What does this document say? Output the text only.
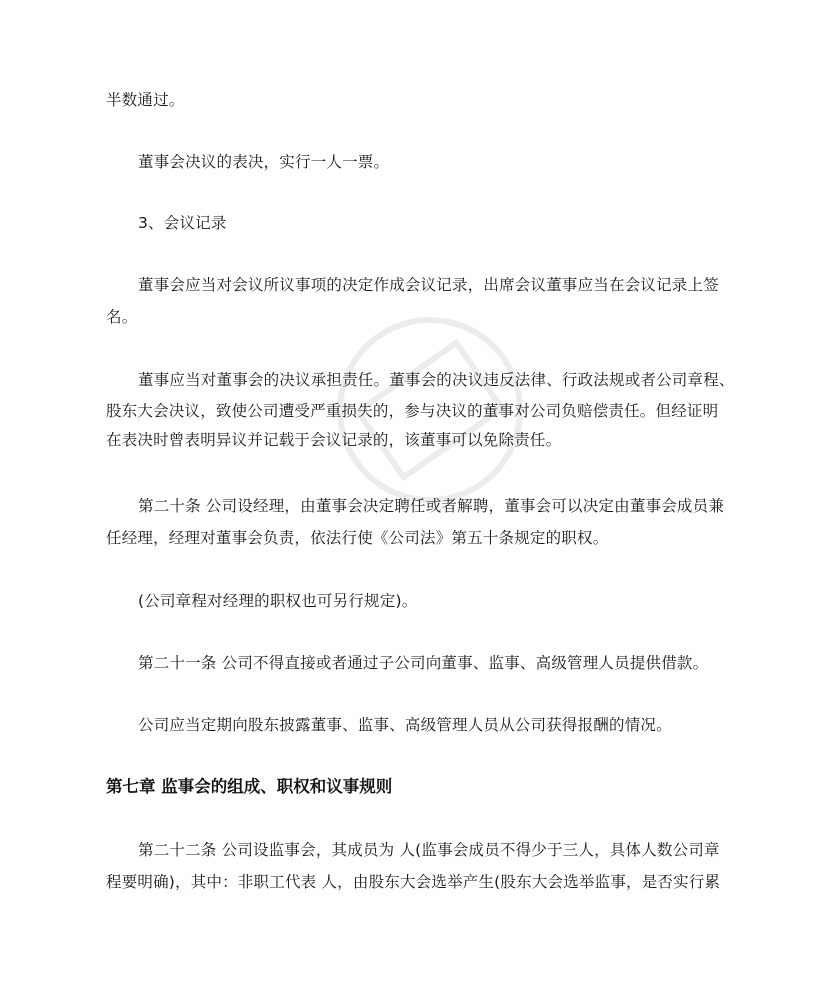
半数通过。

董事会决议的表决，实行一人一票。

3、会议记录

董事会应当对会议所议事项的决定作成会议记录，出席会议董事应当在会议记录上签

名。

董事应当对董事会的决议承担责任。董事会的决议违反法律、行政法规或者公司章程、

股东大会决议，致使公司遭受严重损失的，参与决议的董事对公司负赔偿责任。但经证明
在表决时曾表明异议并记载于会议记录的，该董事可以免除责任。

第二十条 公司设经理，由董事会决定聘任或者解聘，董事会可以决定由董事会成员兼

任经理，经理对董事会负责，依法行使《公司法》第五十条规定的职权。

(公司章程对经理的职权也可另行规定)。

第二十一条 公司不得直接或者通过子公司向董事、监事、高级管理人员提供借款。

公司应当定期向股东披露董事、监事、高级管理人员从公司获得报酬的情况。

第七章 监事会的组成、职权和议事规则

第二十二条 公司设监事会，其成员为 人(监事会成员不得少于三人，具体人数公司章

程要明确)，其中：非职工代表 人，由股东大会选举产生(股东大会选举监事，是否实行累
